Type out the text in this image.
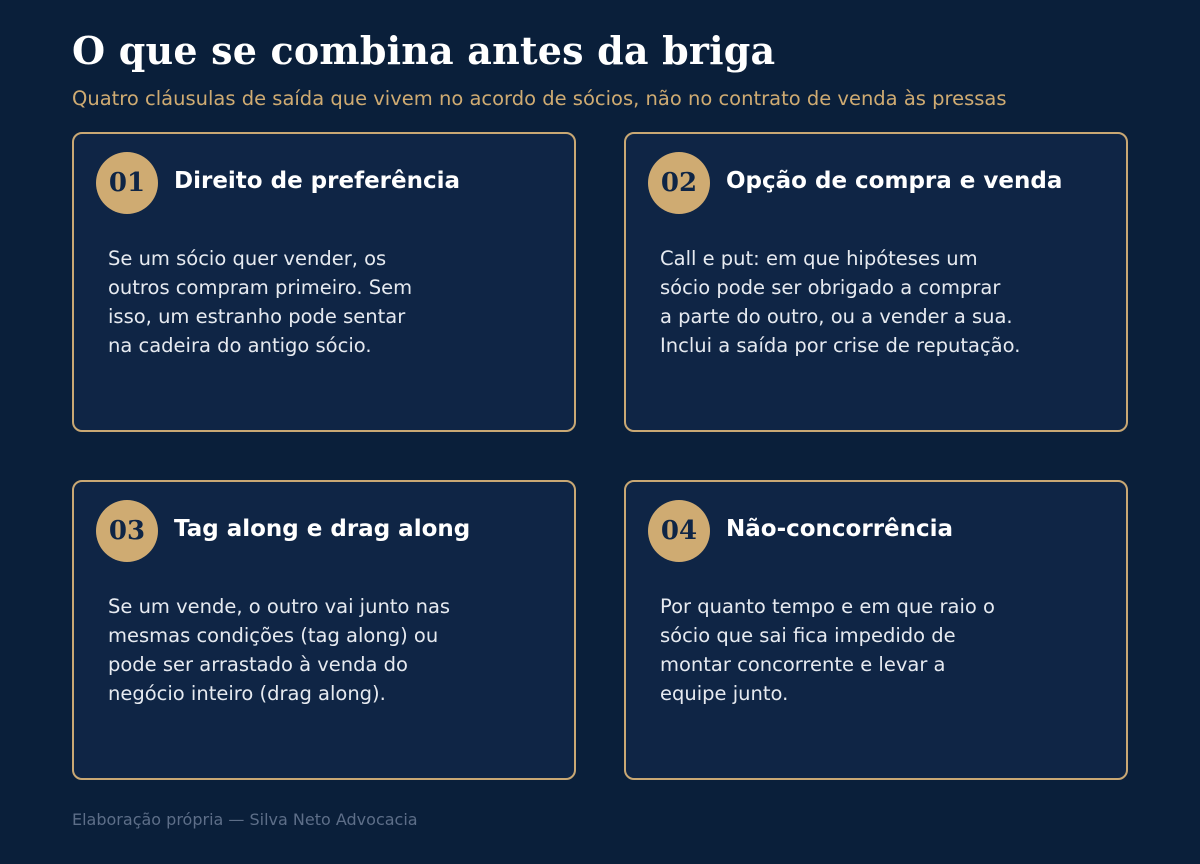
O que se combina antes da briga
Quatro cláusulas de saída que vivem no acordo de sócios, não no contrato de venda às pressas
01	Direito de preferência
Se um sócio quer vender, os
outros compram primeiro. Sem
isso, um estranho pode sentar
na cadeira do antigo sócio.
02	Opção de compra e venda
Call e put: em que hipóteses um
sócio pode ser obrigado a comprar
a parte do outro, ou a vender a sua.
Inclui a saída por crise de reputação.
03	Tag along e drag along
Se um vende, o outro vai junto nas
mesmas condições (tag along) ou
pode ser arrastado à venda do
negócio inteiro (drag along).
04	Não-concorrência
Por quanto tempo e em que raio o
sócio que sai fica impedido de
montar concorrente e levar a
equipe junto.
Elaboração própria — Silva Neto Advocacia
